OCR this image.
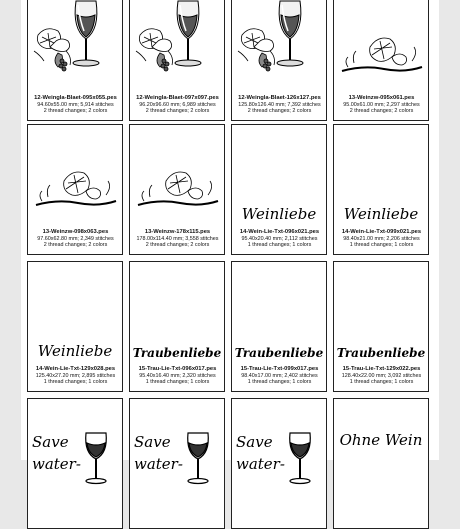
12-Weinglа-Blaet-095x055.pes
94.60x55.00 mm; 5,914 stitches
2 thread changes; 2 colors
12-Weingla-Blaet-097x097.pes
96.20x96.60 mm; 6,989 stitches
2 thread changes; 2 colors
12-Weingla-Blaet-126x127.pes
125.80x126.40 mm; 7,392 stitches
2 thread changes; 2 colors
13-Weinzw-095x061.pes
95.00x61.00 mm; 2,297 stitches
2 thread changes; 2 colors
13-Weinzw-098x063.pes
97.60x62.80 mm; 2,349 stitches
2 thread changes; 2 colors
13-Weinzw-178x115.pes
178.00x114.40 mm; 3,558 stitches
2 thread changes; 2 colors
Weinliebe
14-Wein-Lie-Txt-096x021.pes
95.40x20.40 mm; 2,112 stitches
1 thread changes; 1 colors
Weinliebe
14-Wein-Lie-Txt-099x021.pes
98.40x21.00 mm; 2,206 stitches
1 thread changes; 1 colors
Weinliebe
14-Wein-Lie-Txt-129x028.pes
125.40x27.20 mm; 2,895 stitches
1 thread changes; 1 colors
Traubenliebe
15-Trau-Lie-Txt-096x017.pes
95.40x16.40 mm; 2,320 stitches
1 thread changes; 1 colors
Traubenliebe
15-Trau-Lie-Txt-099x017.pes
98.40x17.00 mm; 2,402 stitches
1 thread changes; 1 colors
Traubenliebe
15-Trau-Lie-Txt-129x022.pes
128.40x22.00 mm; 3,092 stitches
1 thread changes; 1 colors
Save water-
Save water-
Save water-
Ohne Wein
